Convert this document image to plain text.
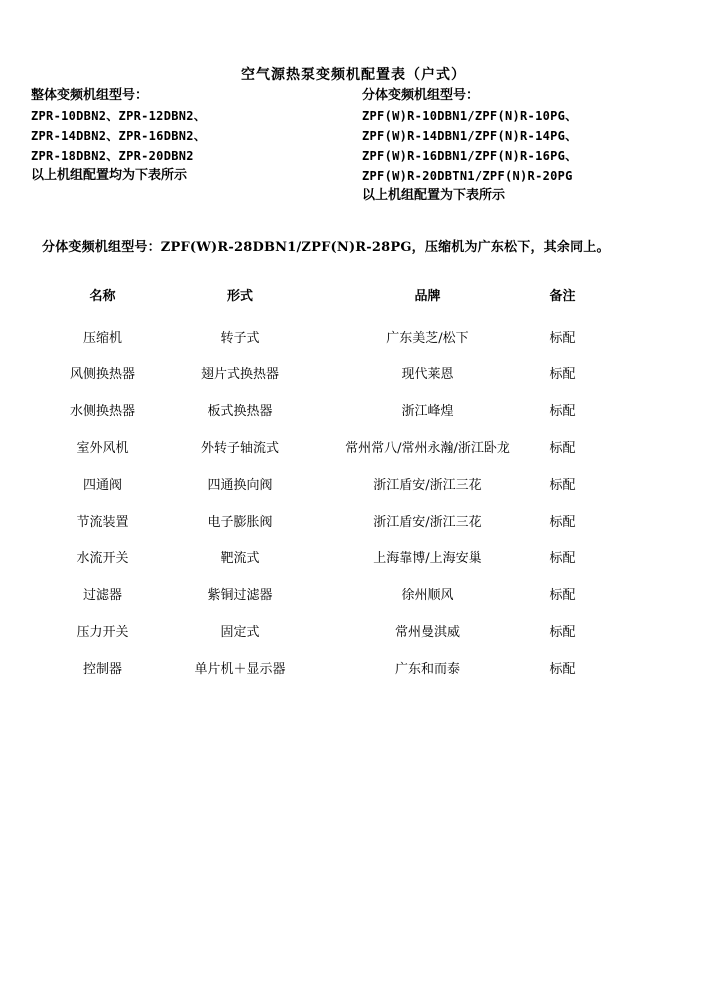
空气源热泵变频机配置表（户式）
整体变频机组型号：
ZPR-10DBN2、ZPR-12DBN2、
ZPR-14DBN2、ZPR-16DBN2、
ZPR-18DBN2、ZPR-20DBN2
以上机组配置均为下表所示
分体变频机组型号：
ZPF(W)R-10DBN1/ZPF(N)R-10PG、
ZPF(W)R-14DBN1/ZPF(N)R-14PG、
ZPF(W)R-16DBN1/ZPF(N)R-16PG、
ZPF(W)R-20DBTN1/ZPF(N)R-20PG
以上机组配置为下表所示
分体变频机组型号：ZPF(W)R-28DBN1/ZPF(N)R-28PG，压缩机为广东松下，其余同上。
名称	形式	品牌	备注
压缩机	转子式	广东美芝/松下	标配
风侧换热器	翅片式换热器	现代莱恩	标配
水侧换热器	板式换热器	浙江峰煌	标配
室外风机	外转子轴流式	常州常八/常州永瀚/浙江卧龙	标配
四通阀	四通换向阀	浙江盾安/浙江三花	标配
节流装置	电子膨胀阀	浙江盾安/浙江三花	标配
水流开关	靶流式	上海靠博/上海安巢	标配
过滤器	紫铜过滤器	徐州顺风	标配
压力开关	固定式	常州曼淇威	标配
控制器	单片机＋显示器	广东和而泰	标配
